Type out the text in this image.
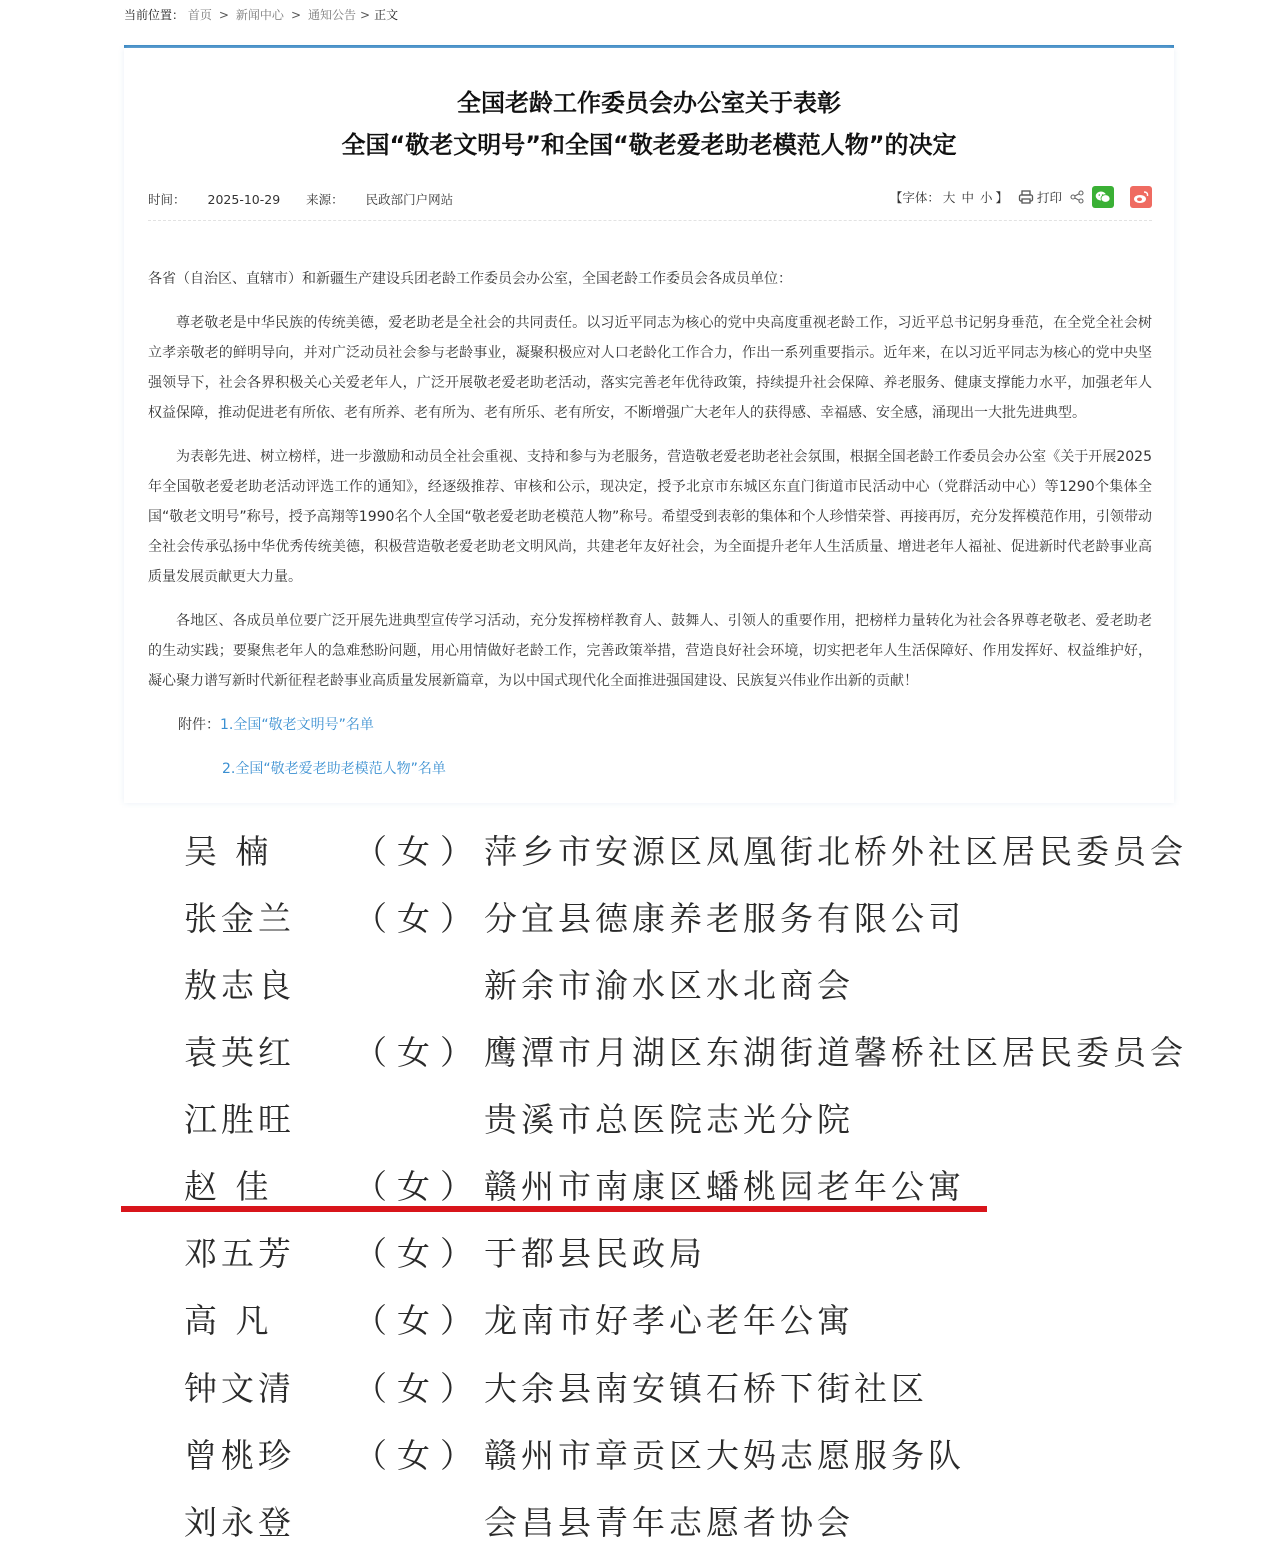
当前位置： 首页 > 新闻中心 > 通知公告 > 正文
全国老龄工作委员会办公室关于表彰
全国“敬老文明号”和全国“敬老爱老助老模范人物”的决定
时间： 2025-10-29 来源： 民政部门户网站	【字体： 大 中 小 】 打印

各省（自治区、直辖市）和新疆生产建设兵团老龄工作委员会办公室，全国老龄工作委员会各成员单位：

尊老敬老是中华民族的传统美德，爱老助老是全社会的共同责任。以习近平同志为核心的党中央高度重视老龄工作，习近平总书记躬身垂范，在全党全社会树立孝亲敬老的鲜明导向，并对广泛动员社会参与老龄事业，凝聚积极应对人口老龄化工作合力，作出一系列重要指示。近年来，在以习近平同志为核心的党中央坚强领导下，社会各界积极关心关爱老年人，广泛开展敬老爱老助老活动，落实完善老年优待政策，持续提升社会保障、养老服务、健康支撑能力水平，加强老年人权益保障，推动促进老有所依、老有所养、老有所为、老有所乐、老有所安，不断增强广大老年人的获得感、幸福感、安全感，涌现出一大批先进典型。

为表彰先进、树立榜样，进一步激励和动员全社会重视、支持和参与为老服务，营造敬老爱老助老社会氛围，根据全国老龄工作委员会办公室《关于开展2025年全国敬老爱老助老活动评选工作的通知》，经逐级推荐、审核和公示，现决定，授予北京市东城区东直门街道市民活动中心（党群活动中心）等1290个集体全国“敬老文明号”称号，授予高翔等1990名个人全国“敬老爱老助老模范人物”称号。希望受到表彰的集体和个人珍惜荣誉、再接再厉，充分发挥模范作用，引领带动全社会传承弘扬中华优秀传统美德，积极营造敬老爱老助老文明风尚，共建老年友好社会，为全面提升老年人生活质量、增进老年人福祉、促进新时代老龄事业高质量发展贡献更大力量。

各地区、各成员单位要广泛开展先进典型宣传学习活动，充分发挥榜样教育人、鼓舞人、引领人的重要作用，把榜样力量转化为社会各界尊老敬老、爱老助老的生动实践；要聚焦老年人的急难愁盼问题，用心用情做好老龄工作，完善政策举措，营造良好社会环境，切实把老年人生活保障好、作用发挥好、权益维护好，凝心聚力谱写新时代新征程老龄事业高质量发展新篇章，为以中国式现代化全面推进强国建设、民族复兴伟业作出新的贡献！

附件：1.全国“敬老文明号”名单

2.全国“敬老爱老助老模范人物”名单

吴 楠	（女） 萍乡市安源区凤凰街北桥外社区居民委员会
张金兰	（女） 分宜县德康养老服务有限公司
敖志良	新余市渝水区水北商会
袁英红	（女） 鹰潭市月湖区东湖街道馨桥社区居民委员会
江胜旺	贵溪市总医院志光分院
赵 佳	（女） 赣州市南康区蟠桃园老年公寓
邓五芳	（女） 于都县民政局
高 凡	（女） 龙南市好孝心老年公寓
钟文清	（女） 大余县南安镇石桥下街社区
曾桃珍	（女） 赣州市章贡区大妈志愿服务队
刘永登	会昌县青年志愿者协会
